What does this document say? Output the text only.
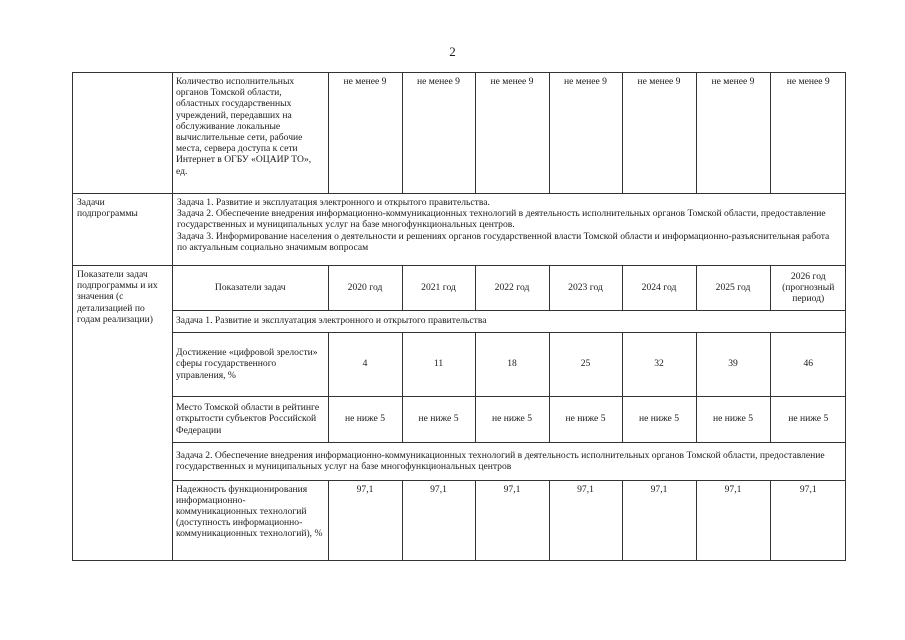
2

Количество исполнительных органов Томской области, областных государственных учреждений, передавших на обслуживание локальные вычислительные сети, рабочие места, сервера доступа к сети Интернет в ОГБУ «ОЦАИР ТО», ед.	не менее 9	не менее 9	не менее 9	не менее 9	не менее 9	не менее 9	не менее 9

Задачи подпрограммы	
Задача 1. Развитие и эксплуатация электронного и открытого правительства.
Задача 2. Обеспечение внедрения информационно-коммуникационных технологий в деятельность исполнительных органов Томской области, предоставление государственных и муниципальных услуг на базе многофункциональных центров.
Задача 3. Информирование населения о деятельности и решениях органов государственной власти Томской области и информационно-разъяснительная работа по актуальным социально значимым вопросам

Показатели задач подпрограммы и их значения (с детализацией по годам реализации)	
Показатели задач	2020 год	2021 год	2022 год	2023 год	2024 год	2025 год	2026 год (прогнозный период)
Задача 1. Развитие и эксплуатация электронного и открытого правительства
Достижение «цифровой зрелости» сферы государственного управления, %	4	11	18	25	32	39	46
Место Томской области в рейтинге открытости субъектов Российской Федерации	не ниже 5	не ниже 5	не ниже 5	не ниже 5	не ниже 5	не ниже 5	не ниже 5
Задача 2. Обеспечение внедрения информационно-коммуникационных технологий в деятельность исполнительных органов Томской области, предоставление государственных и муниципальных услуг на базе многофункциональных центров
Надежность функционирования информационно-коммуникационных технологий (доступность информационно-коммуникационных технологий), %	97,1	97,1	97,1	97,1	97,1	97,1	97,1
